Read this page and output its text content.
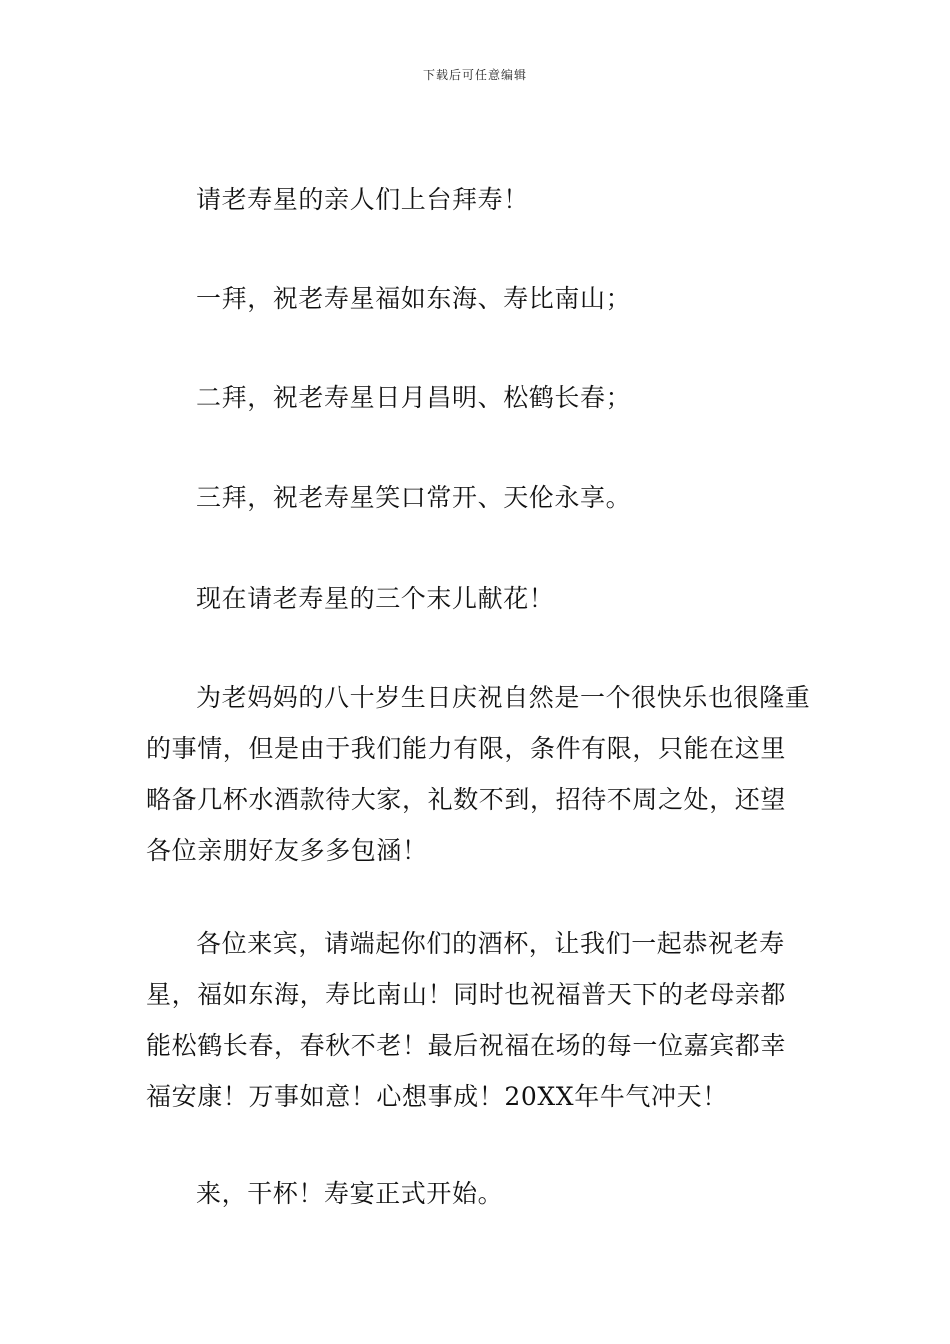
下载后可任意编辑

请老寿星的亲人们上台拜寿！

一拜，祝老寿星福如东海、寿比南山；

二拜，祝老寿星日月昌明、松鹤长春；

三拜，祝老寿星笑口常开、天伦永享。

现在请老寿星的三个末儿献花！

为老妈妈的八十岁生日庆祝自然是一个很快乐也很隆重的事情，但是由于我们能力有限，条件有限，只能在这里略备几杯水酒款待大家，礼数不到，招待不周之处，还望各位亲朋好友多多包涵！

各位来宾，请端起你们的酒杯，让我们一起恭祝老寿星，福如东海，寿比南山！同时也祝福普天下的老母亲都能松鹤长春，春秋不老！最后祝福在场的每一位嘉宾都幸福安康！万事如意！心想事成！20XX年牛气冲天！

来，干杯！寿宴正式开始。
